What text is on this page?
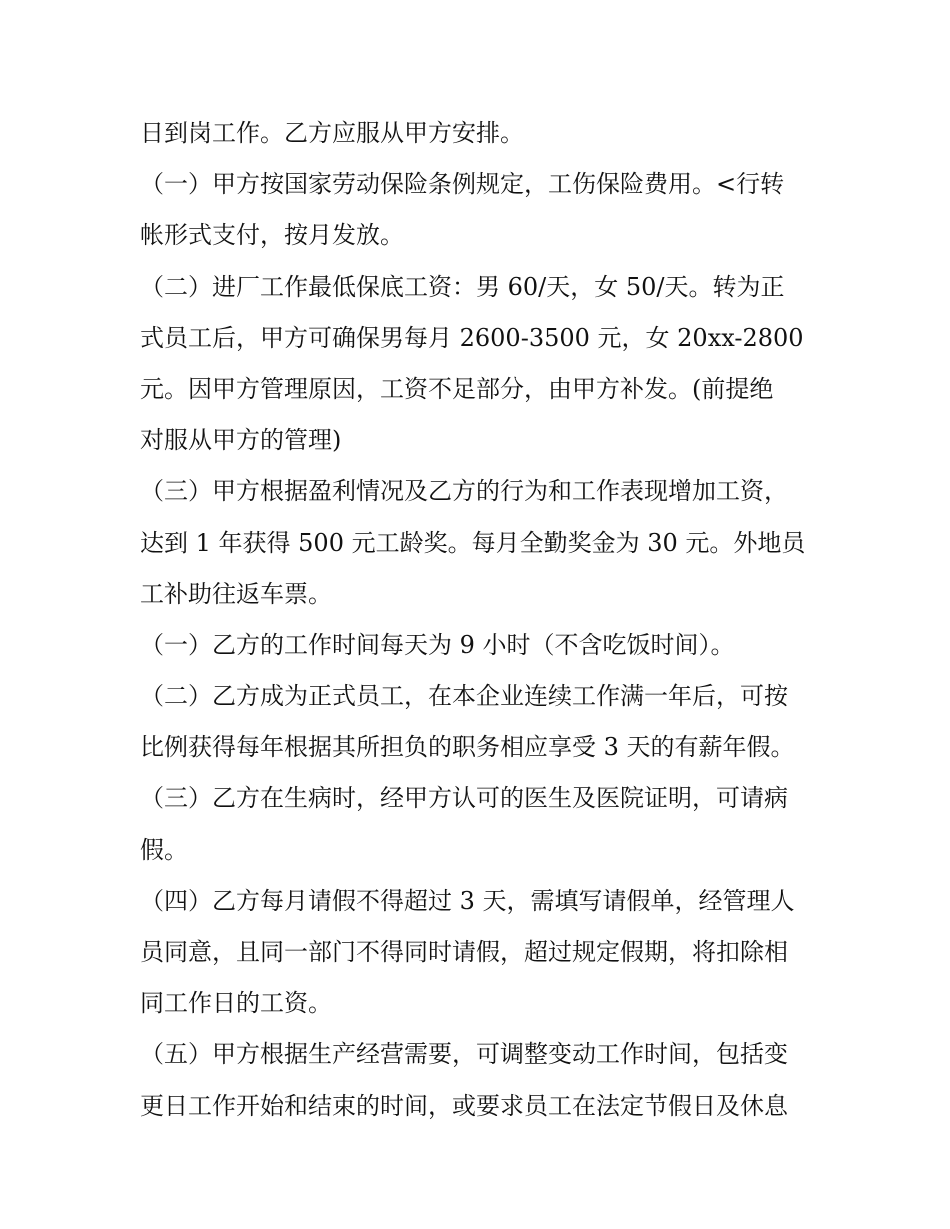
日到岗工作。乙方应服从甲方安排。

（一）甲方按国家劳动保险条例规定，工伤保险费用。<行转

帐形式支付，按月发放。

（二）进厂工作最低保底工资：男 60/天，女 50/天。转为正

式员工后，甲方可确保男每月 2600-3500 元，女 20xx-2800

元。因甲方管理原因，工资不足部分，由甲方补发。(前提绝

对服从甲方的管理)

（三）甲方根据盈利情况及乙方的行为和工作表现增加工资，

达到 1 年获得 500 元工龄奖。每月全勤奖金为 30 元。外地员

工补助往返车票。

（一）乙方的工作时间每天为 9 小时（不含吃饭时间）。

（二）乙方成为正式员工，在本企业连续工作满一年后，可按

比例获得每年根据其所担负的职务相应享受 3 天的有薪年假。

（三）乙方在生病时，经甲方认可的医生及医院证明，可请病

假。

（四）乙方每月请假不得超过 3 天，需填写请假单，经管理人

员同意，且同一部门不得同时请假，超过规定假期，将扣除相

同工作日的工资。

（五）甲方根据生产经营需要，可调整变动工作时间，包括变

更日工作开始和结束的时间，或要求员工在法定节假日及休息
